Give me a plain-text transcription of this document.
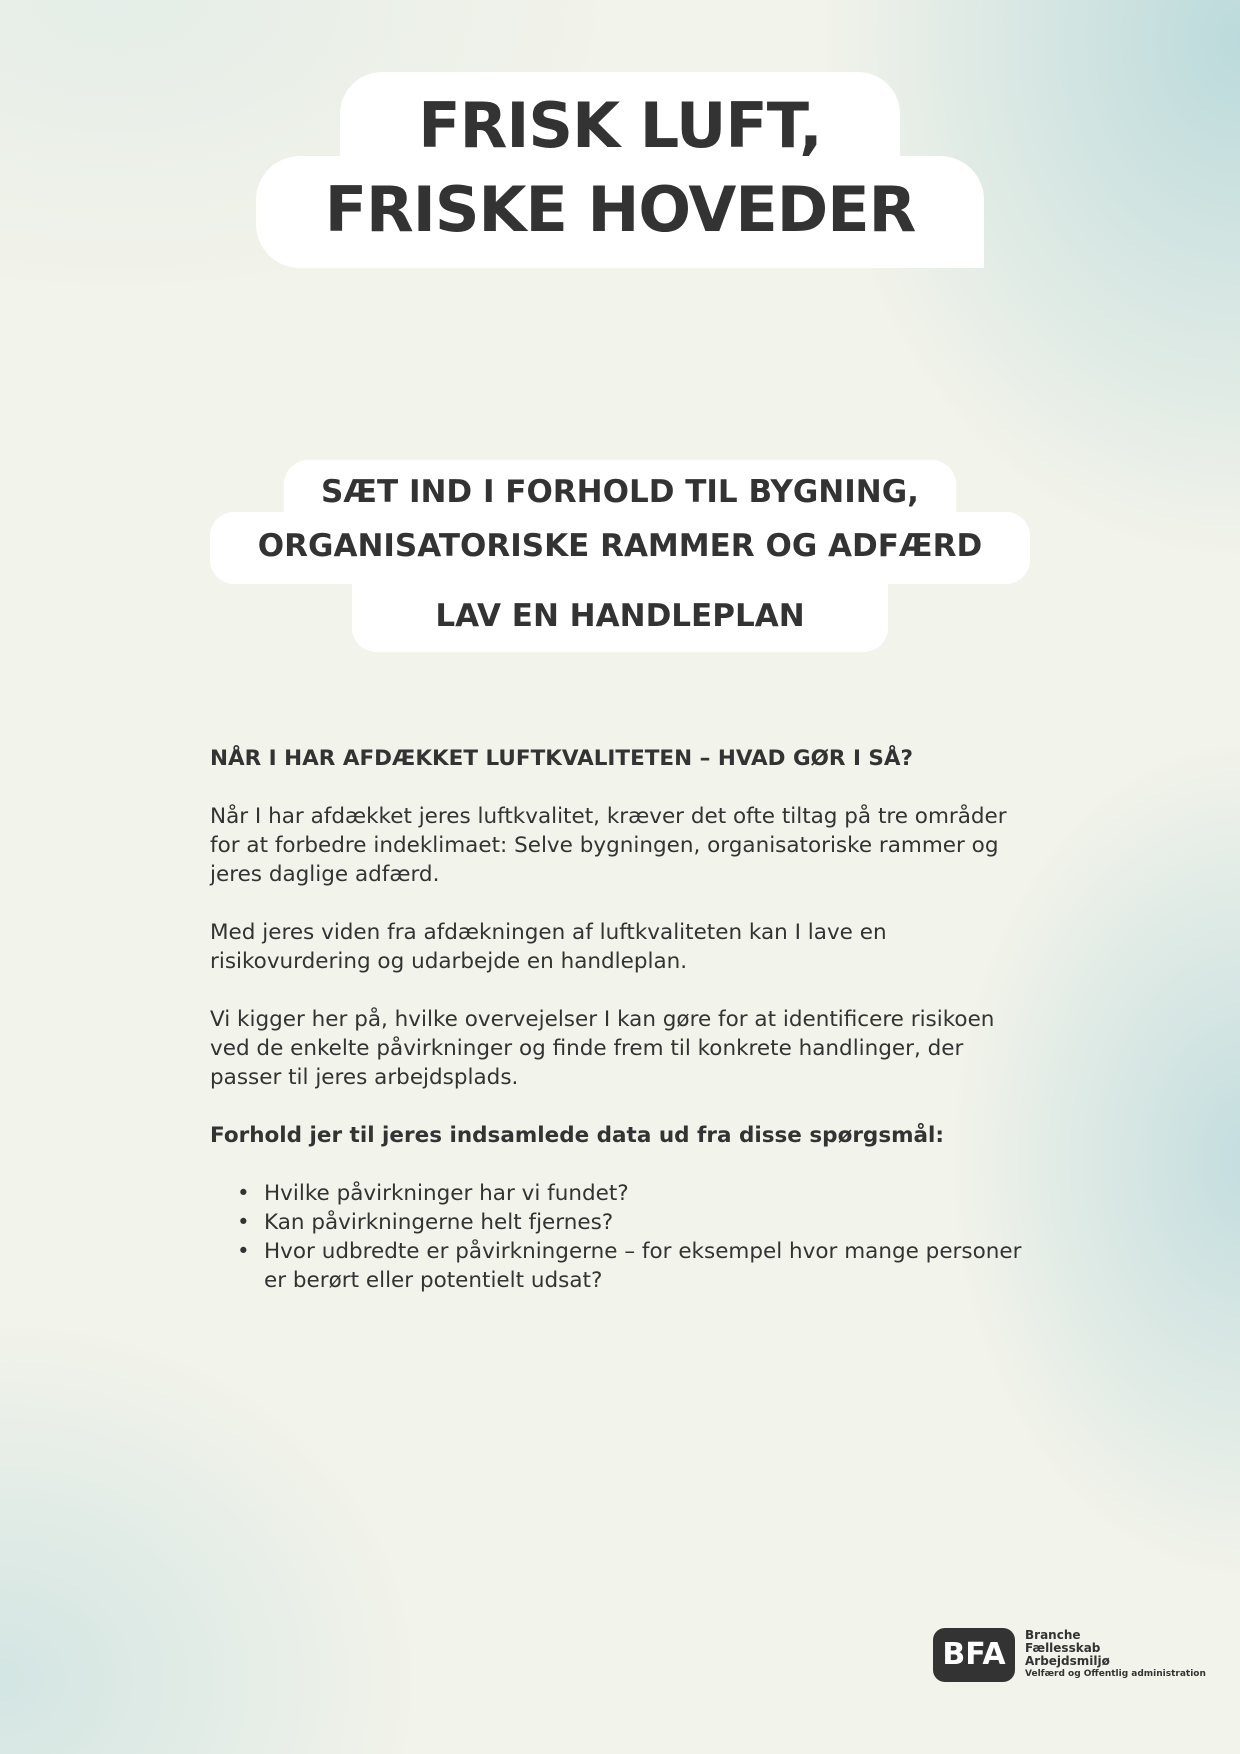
FRISK LUFT,
FRISKE HOVEDER

SÆT IND I FORHOLD TIL BYGNING,

ORGANISATORISKE RAMMER OG ADFÆRD

LAV EN HANDLEPLAN

NÅR I HAR AFDÆKKET LUFTKVALITETEN – HVAD GØR I SÅ?

Når I har afdækket jeres luftkvalitet, kræver det ofte tiltag på tre områder for at forbedre indeklimaet: Selve bygningen, organisatoriske rammer og jeres daglige adfærd.

Med jeres viden fra afdækningen af luftkvaliteten kan I lave en risikovurdering og udarbejde en handleplan.

Vi kigger her på, hvilke overvejelser I kan gøre for at identificere risikoen ved de enkelte påvirkninger og finde frem til konkrete handlinger, der passer til jeres arbejdsplads.

Forhold jer til jeres indsamlede data ud fra disse spørgsmål:

• Hvilke påvirkninger har vi fundet?
• Kan påvirkningerne helt fjernes?
• Hvor udbredte er påvirkningerne – for eksempel hvor mange personer er berørt eller potentielt udsat?
BFA
Branche
Fællesskab
Arbejdsmiljø
Velfærd og Offentlig administration
